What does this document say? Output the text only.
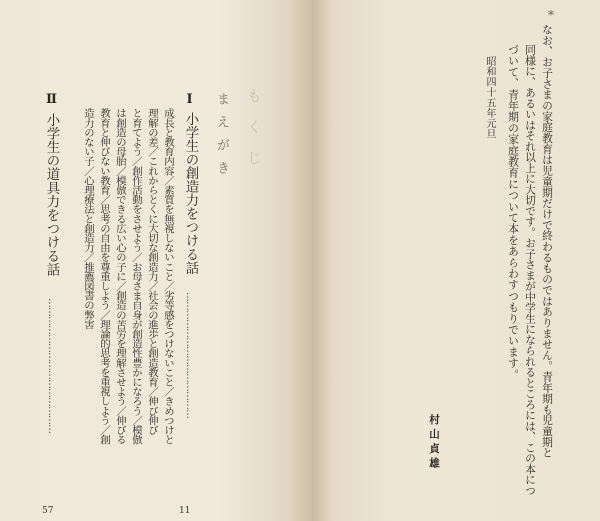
もくじ
まえがき
Ⅰ
小学生の創造力をつける話
……………………………………
11
成長と教育内容／素質を無視しないこと／劣等感をつけないこと／きめつけと
理解の差／これからとくに大切な創造力／社会の進歩と創造教育／伸び伸び
と育てよう／創作活動をさせよう／お母さま自身が創造性豊かになろう／模倣
は創造の母胎／模倣できる広い心の子に／創造の苦労を理解させよう／伸びる
教育と伸びない教育／思考の自由を尊重しよう／理論的思考を重視しよう／創
造力のない子／心理療法と創造力／推薦図書の弊害
Ⅱ
小学生の道具力をつける話
………………………………………
57
*
なお、お子さまの家庭教育は児童期だけで終わるものではありません。青年期も児童期と
同様に、あるいはそれ以上に大切です。お子さまが中学生になられるところには、この本につ
づいて、青年期の家庭教育について本をあらわすつもりでいます。
昭和四十五年元旦
村山貞雄
